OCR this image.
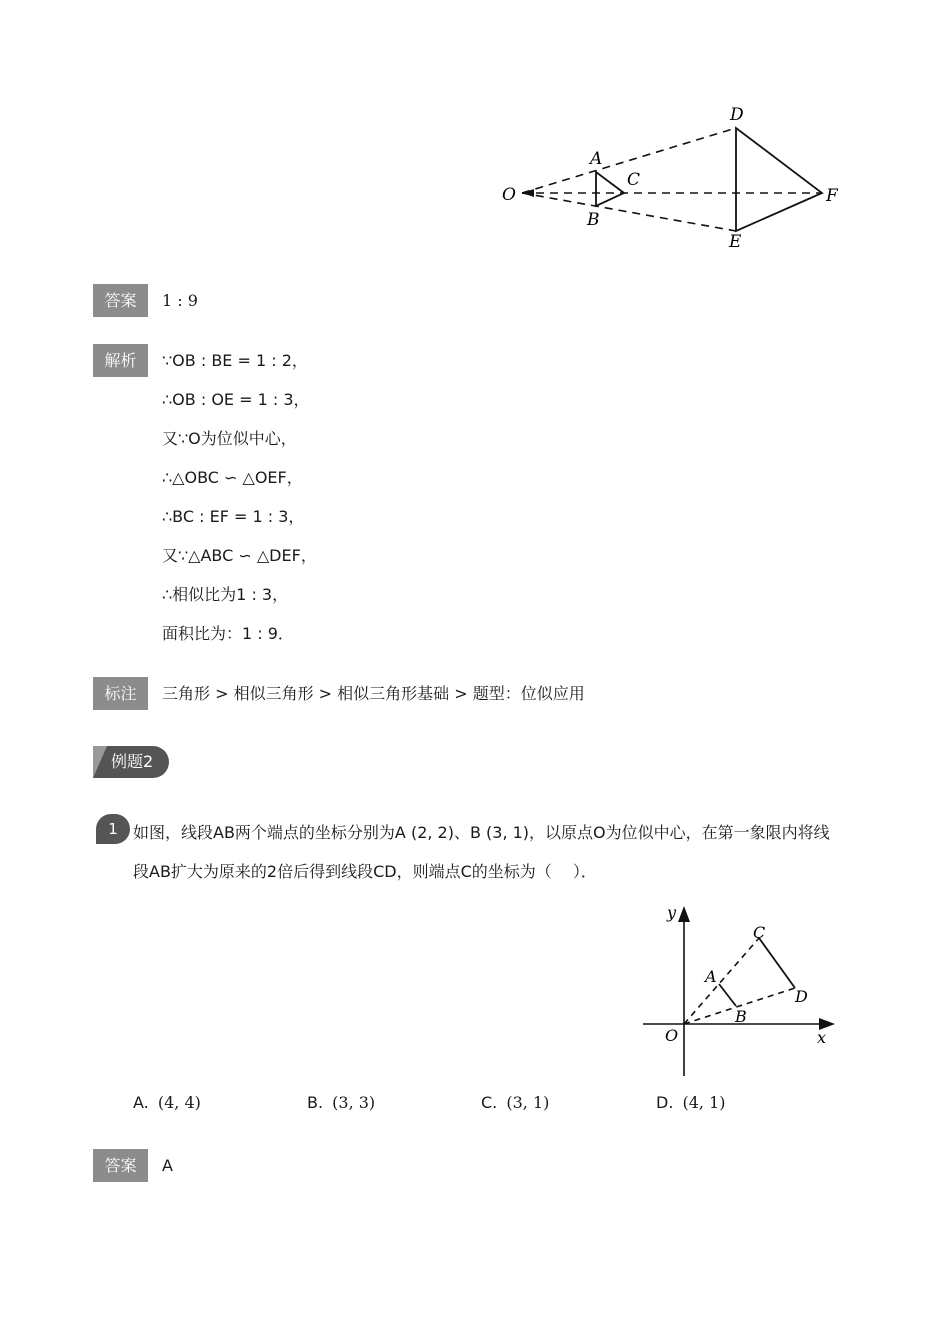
O
A
B
C
D
E
F
答案	1 : 9
解析	∵OB : BE = 1 : 2，
∴OB : OE = 1 : 3，
又∵O为位似中心，
∴△OBC ∽ △OEF，
∴BC : EF = 1 : 3，
又∵△ABC ∽ △DEF，
∴相似比为1 : 3，
面积比为：1 : 9．
标注	三角形 > 相似三角形 > 相似三角形基础 > 题型：位似应用
例题2
1 如图，线段AB两个端点的坐标分别为A (2, 2)、B (3, 1)，以原点O为位似中心，在第一象限内将线
段AB扩大为原来的2倍后得到线段CD，则端点C的坐标为（　 ）．
y
x
O
A
B
C
D
A. (4, 4)	B. (3, 3)	C. (3, 1)	D. (4, 1)
答案	A
